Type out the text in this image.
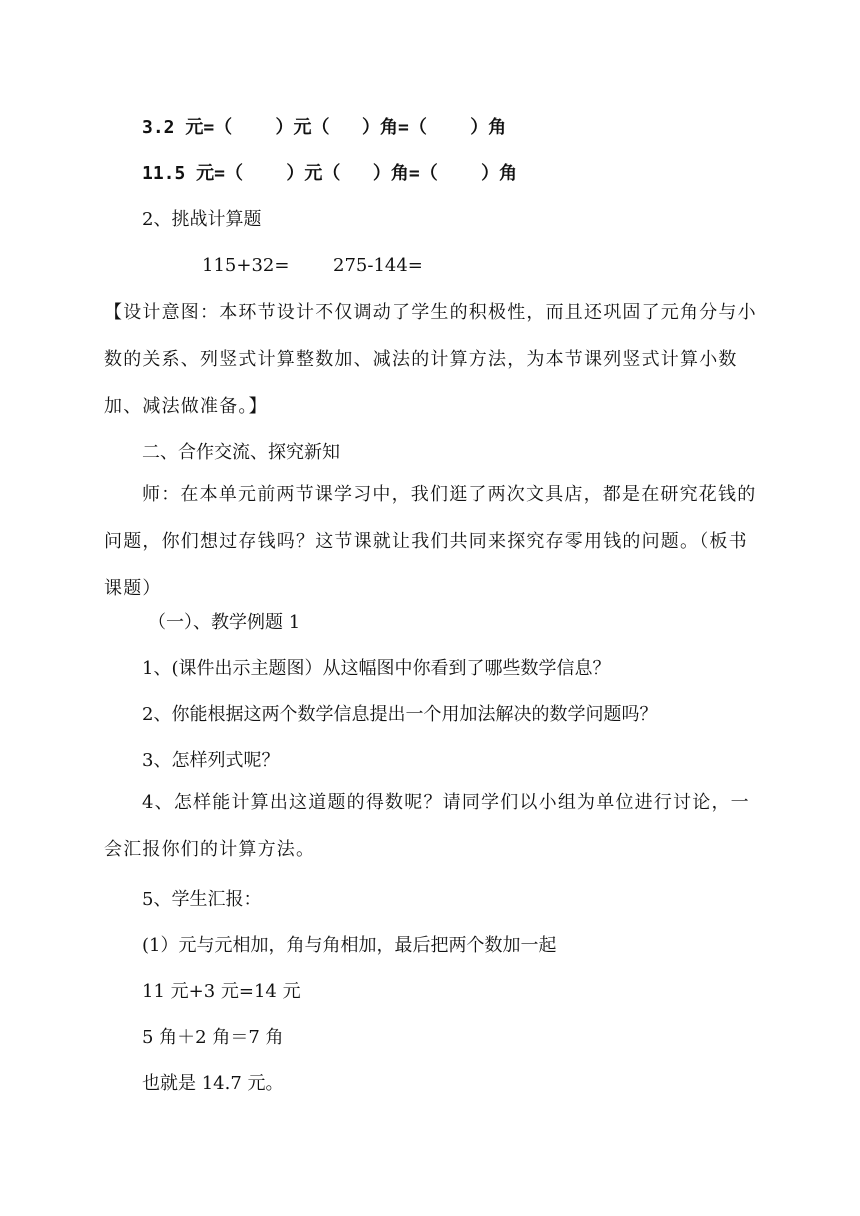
3.2 元=（    ）元（   ）角=（    ）角
11.5 元=（    ）元（   ）角=（    ）角
2、挑战计算题
115+32= 275-144=
【设计意图：本环节设计不仅调动了学生的积极性，而且还巩固了元角分与小数的关系、列竖式计算整数加、减法的计算方法，为本节课列竖式计算小数加、减法做准备。】
二、合作交流、探究新知
师：在本单元前两节课学习中，我们逛了两次文具店，都是在研究花钱的问题，你们想过存钱吗？这节课就让我们共同来探究存零用钱的问题。（板书课题）
（一）、教学例题 1
1、(课件出示主题图）从这幅图中你看到了哪些数学信息？
2、你能根据这两个数学信息提出一个用加法解决的数学问题吗？
3、怎样列式呢？
4、怎样能计算出这道题的得数呢？请同学们以小组为单位进行讨论，一会汇报你们的计算方法。
5、学生汇报：
(1）元与元相加，角与角相加，最后把两个数加一起
11 元+3 元=14 元
5 角＋2 角＝7 角
也就是 14.7 元。
